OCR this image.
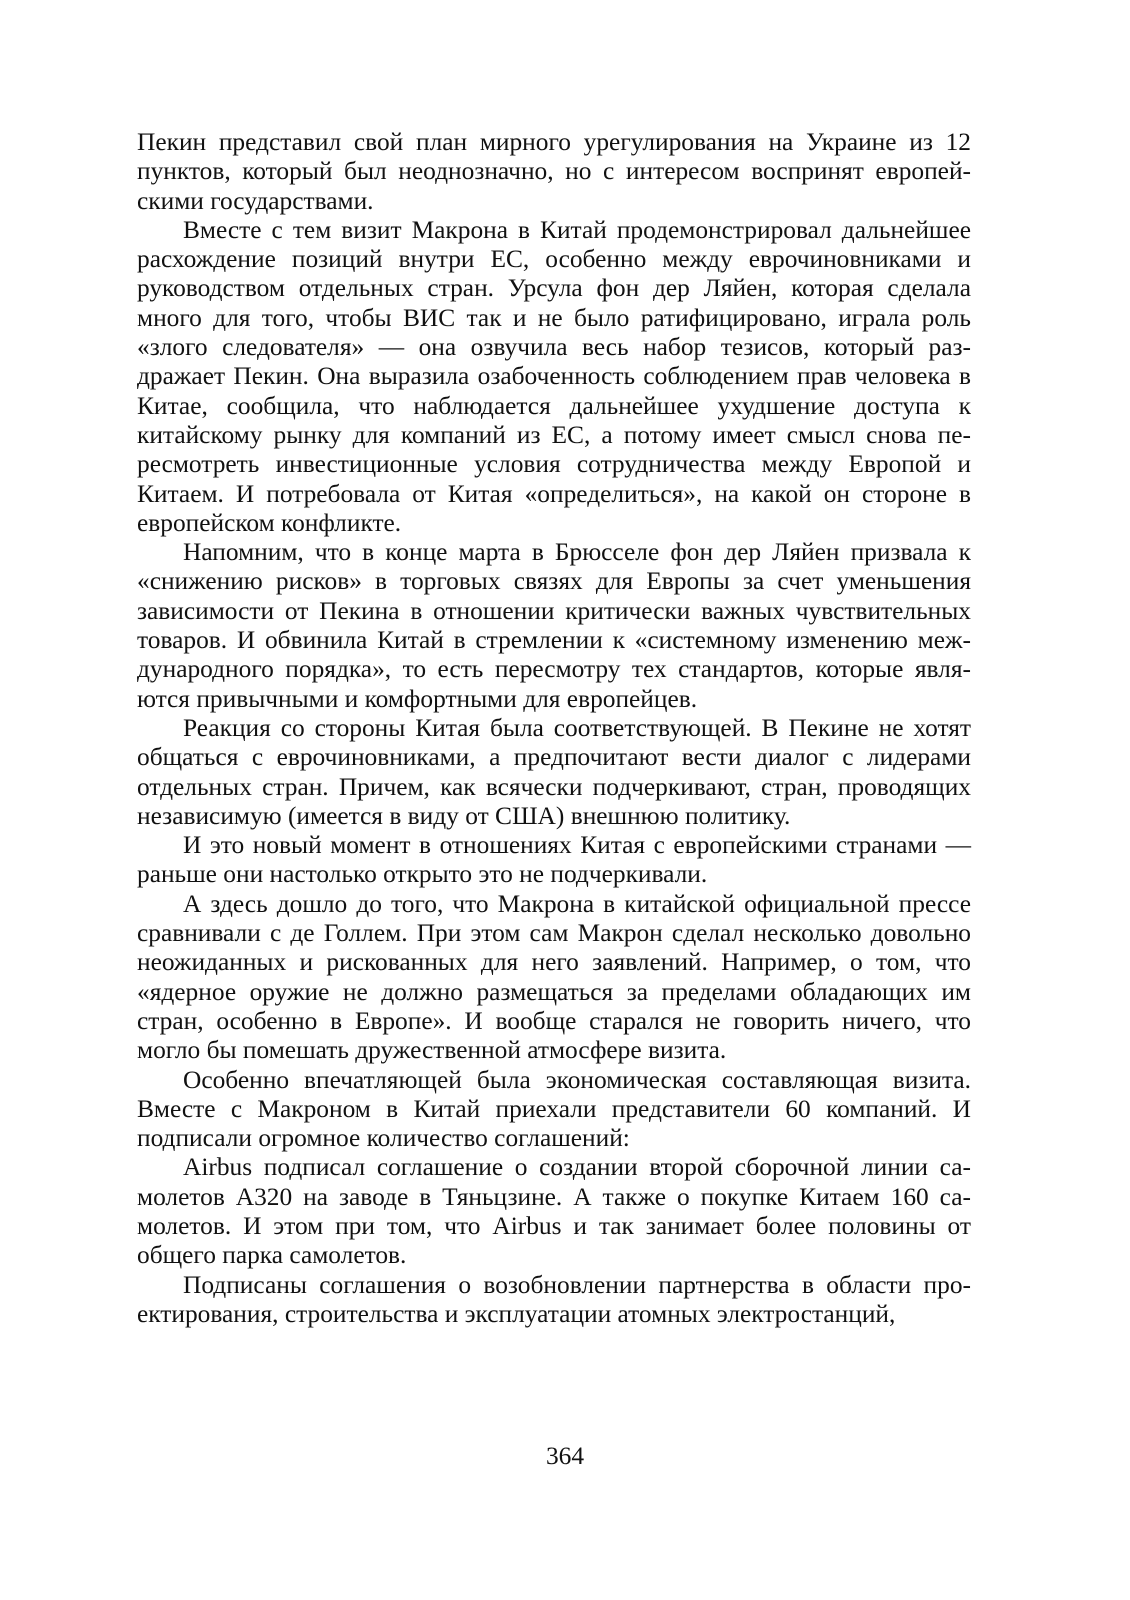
Пекин представил свой план мирного урегулирования на Украине из 12 пунктов, который был неоднозначно, но с интересом воспринят европейскими государствами.

Вместе с тем визит Макрона в Китай продемонстрировал дальнейшее расхождение позиций внутри ЕС, особенно между еврочиновниками и руководством отдельных стран. Урсула фон дер Ляйен, которая сделала много для того, чтобы ВИС так и не было ратифицировано, играла роль «злого следователя» — она озвучила весь набор тезисов, который раздражает Пекин. Она выразила озабоченность соблюдением прав человека в Китае, сообщила, что наблюдается дальнейшее ухудшение доступа к китайскому рынку для компаний из ЕС, а потому имеет смысл снова пересмотреть инвестиционные условия сотрудничества между Европой и Китаем. И потребовала от Китая «определиться», на какой он стороне в европейском конфликте.

Напомним, что в конце марта в Брюсселе фон дер Ляйен призвала к «снижению рисков» в торговых связях для Европы за счет уменьшения зависимости от Пекина в отношении критически важных чувствительных товаров. И обвинила Китай в стремлении к «системному изменению международного порядка», то есть пересмотру тех стандартов, которые являются привычными и комфортными для европейцев.

Реакция со стороны Китая была соответствующей. В Пекине не хотят общаться с еврочиновниками, а предпочитают вести диалог с лидерами отдельных стран. Причем, как всячески подчеркивают, стран, проводящих независимую (имеется в виду от США) внешнюю политику.

И это новый момент в отношениях Китая с европейскими странами — раньше они настолько открыто это не подчеркивали.

А здесь дошло до того, что Макрона в китайской официальной прессе сравнивали с де Голлем. При этом сам Макрон сделал несколько довольно неожиданных и рискованных для него заявлений. Например, о том, что «ядерное оружие не должно размещаться за пределами обладающих им стран, особенно в Европе». И вообще старался не говорить ничего, что могло бы помешать дружественной атмосфере визита.

Особенно впечатляющей была экономическая составляющая визита. Вместе с Макроном в Китай приехали представители 60 компаний. И подписали огромное количество соглашений:

Airbus подписал соглашение о создании второй сборочной линии самолетов A320 на заводе в Тяньцзине. А также о покупке Китаем 160 самолетов. И этом при том, что Airbus и так занимает более половины от общего парка самолетов.

Подписаны соглашения о возобновлении партнерства в области проектирования, строительства и эксплуатации атомных электростанций,

364
